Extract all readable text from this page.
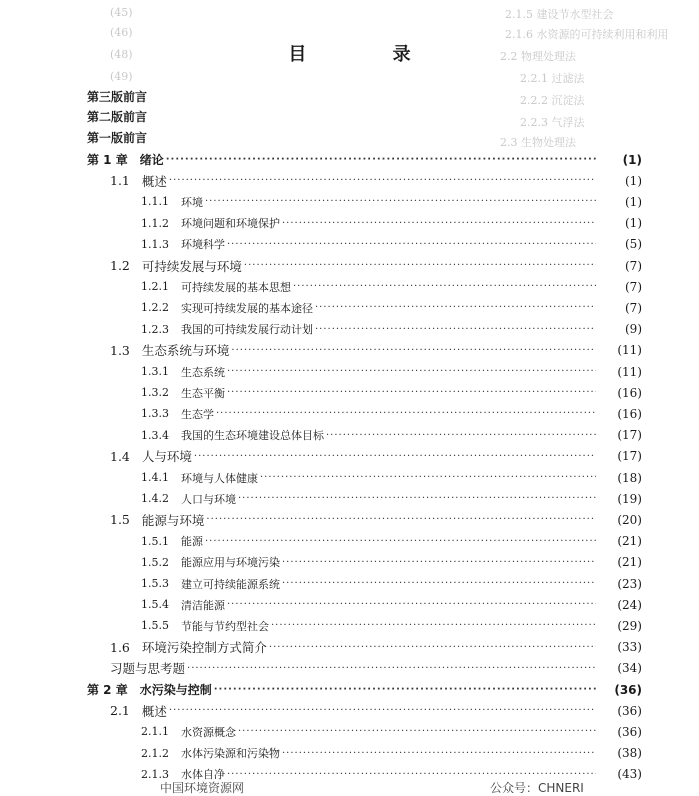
2.1.5 建设节水型社会
2.1.6 水资源的可持续利用和利用
2.2 物理处理法
2.2.1 过滤法
2.2.2 沉淀法
2.2.3 气浮法
2.3 生物处理法
(45)
(46)
(48)
(49)
目 录
第三版前言
第二版前言
第一版前言
第 1 章 绪论 ·····	(1)
1.1 概述 ·····	(1)
1.1.1 环境 ·····	(1)
1.1.2 环境问题和环境保护 ·····	(1)
1.1.3 环境科学 ·····	(5)
1.2 可持续发展与环境 ·····	(7)
1.2.1 可持续发展的基本思想 ·····	(7)
1.2.2 实现可持续发展的基本途径 ·····	(7)
1.2.3 我国的可持续发展行动计划 ·····	(9)
1.3 生态系统与环境 ·····	(11)
1.3.1 生态系统 ·····	(11)
1.3.2 生态平衡 ·····	(16)
1.3.3 生态学 ·····	(16)
1.3.4 我国的生态环境建设总体目标 ·····	(17)
1.4 人与环境 ·····	(17)
1.4.1 环境与人体健康 ·····	(18)
1.4.2 人口与环境 ·····	(19)
1.5 能源与环境 ·····	(20)
1.5.1 能源 ·····	(21)
1.5.2 能源应用与环境污染 ·····	(21)
1.5.3 建立可持续能源系统 ·····	(23)
1.5.4 清洁能源 ·····	(24)
1.5.5 节能与节约型社会 ·····	(29)
1.6 环境污染控制方式简介 ·····	(33)
习题与思考题 ·····	(34)
第 2 章 水污染与控制 ·····	(36)
2.1 概述 ·····	(36)
2.1.1 水资源概念 ·····	(36)
2.1.2 水体污染源和污染物 ·····	(38)
2.1.3 水体自净 ·····	(43)
中国环境资源网	公众号：CHNERI
